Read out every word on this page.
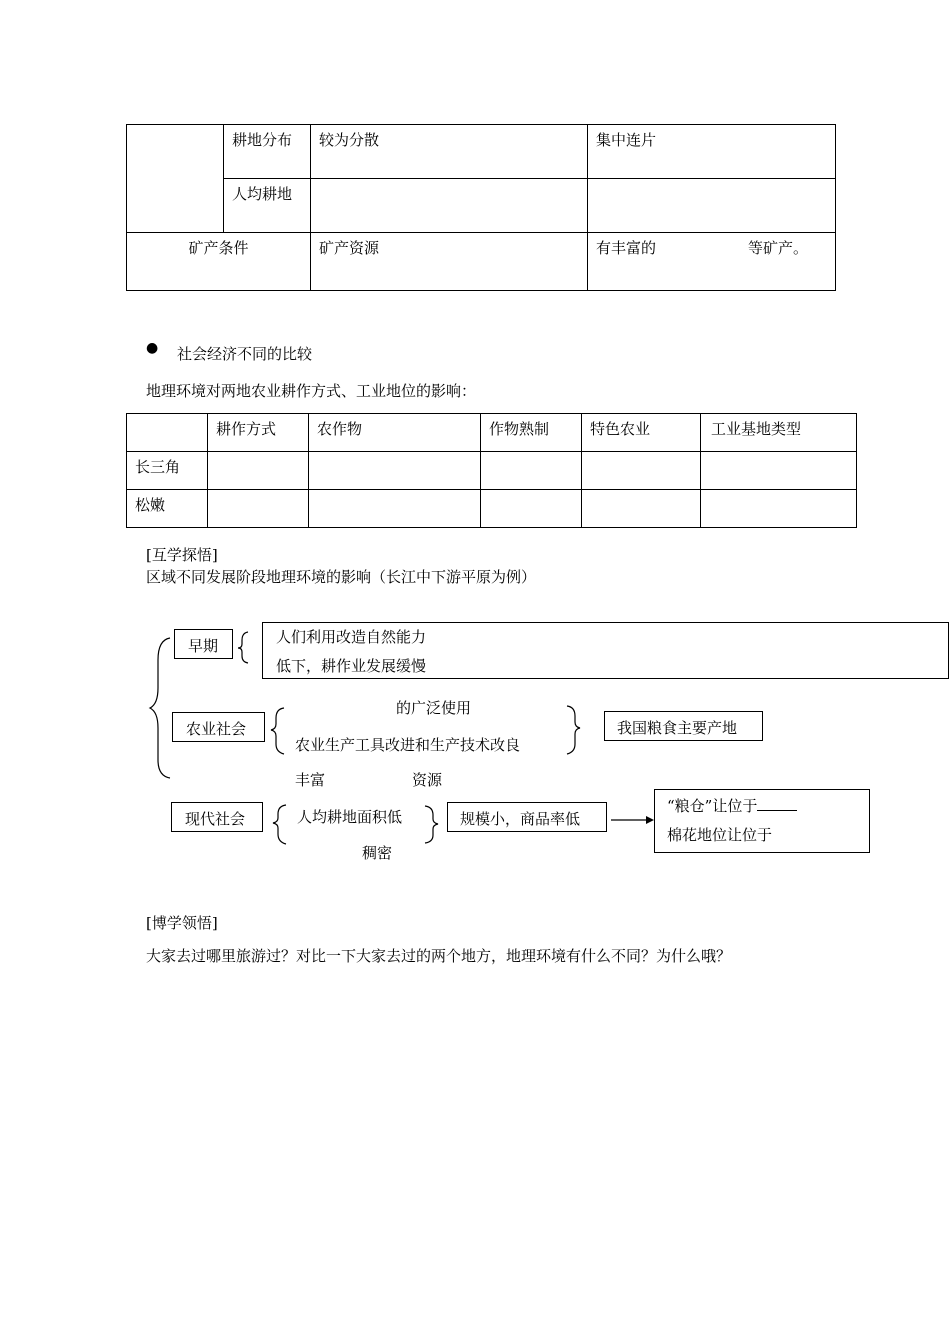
	耕地分布	较为分散	集中连片
	人均耕地		
矿产条件		矿产资源	有丰富的 等矿产。
● 社会经济不同的比较
地理环境对两地农业耕作方式、工业地位的影响：
	耕作方式	农作物	作物熟制	特色农业	工业基地类型
长三角					
松嫩					
[互学探悟]
区域不同发展阶段地理环境的影响（长江中下游平原为例）
早期	人们利用改造自然能力
低下，耕作业发展缓慢
农业社会
的广泛使用
农业生产工具改进和生产技术改良
我国粮食主要产地
丰富	资源
现代社会	人均耕地面积低
稠密
规模小，商品率低
“粮仓”让位于
棉花地位让位于
[博学领悟]
大家去过哪里旅游过？对比一下大家去过的两个地方，地理环境有什么不同？为什么哦？
